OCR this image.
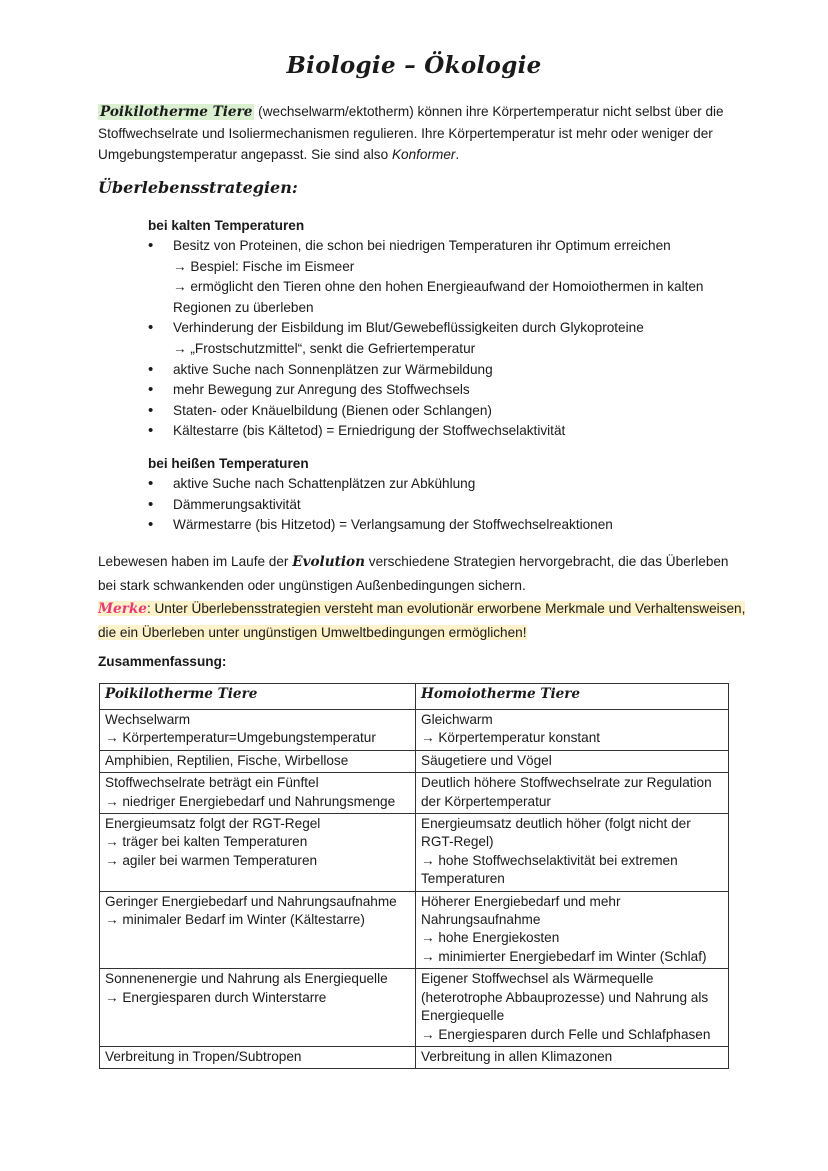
Biologie – Ökologie
Poikilotherme Tiere (wechselwarm/ektotherm) können ihre Körpertemperatur nicht selbst über die Stoffwechselrate und Isoliermechanismen regulieren. Ihre Körpertemperatur ist mehr oder weniger der Umgebungstemperatur angepasst. Sie sind also Konformer.
Überlebensstrategien:
bei kalten Temperaturen
• Besitz von Proteinen, die schon bei niedrigen Temperaturen ihr Optimum erreichen
→ Bespiel: Fische im Eismeer
→ ermöglicht den Tieren ohne den hohen Energieaufwand der Homoiothermen in kalten Regionen zu überleben
• Verhinderung der Eisbildung im Blut/Gewebeflüssigkeiten durch Glykoproteine
→ „Frostschutzmittel“, senkt die Gefriertemperatur
• aktive Suche nach Sonnenplätzen zur Wärmebildung
• mehr Bewegung zur Anregung des Stoffwechsels
• Staten- oder Knäuelbildung (Bienen oder Schlangen)
• Kältestarre (bis Kältetod) = Erniedrigung der Stoffwechselaktivität
bei heißen Temperaturen
• aktive Suche nach Schattenplätzen zur Abkühlung
• Dämmerungsaktivität
• Wärmestarre (bis Hitzetod) = Verlangsamung der Stoffwechselreaktionen
Lebewesen haben im Laufe der Evolution verschiedene Strategien hervorgebracht, die das Überleben bei stark schwankenden oder ungünstigen Außenbedingungen sichern.
Merke: Unter Überlebensstrategien versteht man evolutionär erworbene Merkmale und Verhaltensweisen, die ein Überleben unter ungünstigen Umweltbedingungen ermöglichen!
Zusammenfassung:
Poikilotherme Tiere	Homoiotherme Tiere

Wechselwarm
→ Körpertemperatur=Umgebungstemperatur	Gleichwarm
→ Körpertemperatur konstant

Amphibien, Reptilien, Fische, Wirbellose	Säugetiere und Vögel

Stoffwechselrate beträgt ein Fünftel
→ niedriger Energiebedarf und Nahrungsmenge	Deutlich höhere Stoffwechselrate zur Regulation der Körpertemperatur

Energieumsatz folgt der RGT-Regel
→ träger bei kalten Temperaturen
→ agiler bei warmen Temperaturen	Energieumsatz deutlich höher (folgt nicht der RGT-Regel)
→ hohe Stoffwechselaktivität bei extremen Temperaturen

Geringer Energiebedarf und Nahrungsaufnahme
→ minimaler Bedarf im Winter (Kältestarre)	Höherer Energiebedarf und mehr Nahrungsaufnahme
→ hohe Energiekosten
→ minimierter Energiebedarf im Winter (Schlaf)

Sonnenenergie und Nahrung als Energiequelle
→ Energiesparen durch Winterstarre	Eigener Stoffwechsel als Wärmequelle (heterotrophe Abbauprozesse) und Nahrung als Energiequelle
→ Energiesparen durch Felle und Schlafphasen

Verbreitung in Tropen/Subtropen	Verbreitung in allen Klimazonen
